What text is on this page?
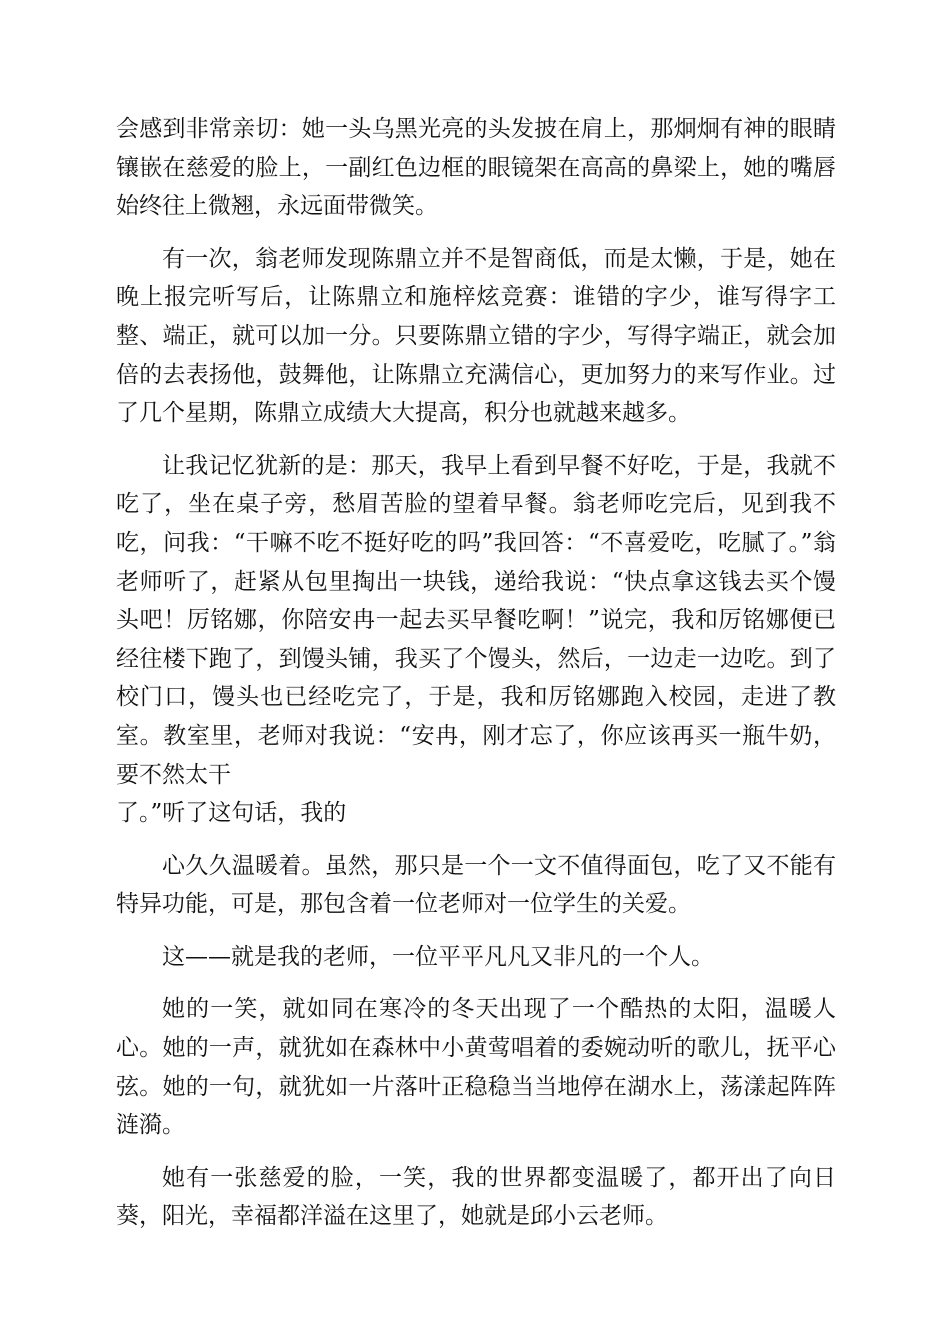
会感到非常亲切：她一头乌黑光亮的头发披在肩上，那炯炯有神的眼睛镶嵌在慈爱的脸上，一副红色边框的眼镜架在高高的鼻梁上，她的嘴唇始终往上微翘，永远面带微笑。

有一次，翁老师发现陈鼎立并不是智商低，而是太懒，于是，她在晚上报完听写后，让陈鼎立和施梓炫竞赛：谁错的字少，谁写得字工整、端正，就可以加一分。只要陈鼎立错的字少，写得字端正，就会加倍的去表扬他，鼓舞他，让陈鼎立充满信心，更加努力的来写作业。过了几个星期，陈鼎立成绩大大提高，积分也就越来越多。

让我记忆犹新的是：那天，我早上看到早餐不好吃，于是，我就不吃了，坐在桌子旁，愁眉苦脸的望着早餐。翁老师吃完后，见到我不吃，问我：“干嘛不吃不挺好吃的吗”我回答：“不喜爱吃，吃腻了。”翁老师听了，赶紧从包里掏出一块钱，递给我说：“快点拿这钱去买个馒头吧！厉铭娜，你陪安冉一起去买早餐吃啊！”说完，我和厉铭娜便已经往楼下跑了，到馒头铺，我买了个馒头，然后，一边走一边吃。到了校门口，馒头也已经吃完了，于是，我和厉铭娜跑入校园，走进了教室。教室里，老师对我说：“安冉，刚才忘了，你应该再买一瓶牛奶，要不然太干

了。”听了这句话，我的

心久久温暖着。虽然，那只是一个一文不值得面包，吃了又不能有特异功能，可是，那包含着一位老师对一位学生的关爱。

这——就是我的老师，一位平平凡凡又非凡的一个人。

她的一笑，就如同在寒冷的冬天出现了一个酷热的太阳，温暖人心。她的一声，就犹如在森林中小黄莺唱着的委婉动听的歌儿，抚平心弦。她的一句，就犹如一片落叶正稳稳当当地停在湖水上，荡漾起阵阵涟漪。

她有一张慈爱的脸，一笑，我的世界都变温暖了，都开出了向日葵，阳光，幸福都洋溢在这里了，她就是邱小云老师。
